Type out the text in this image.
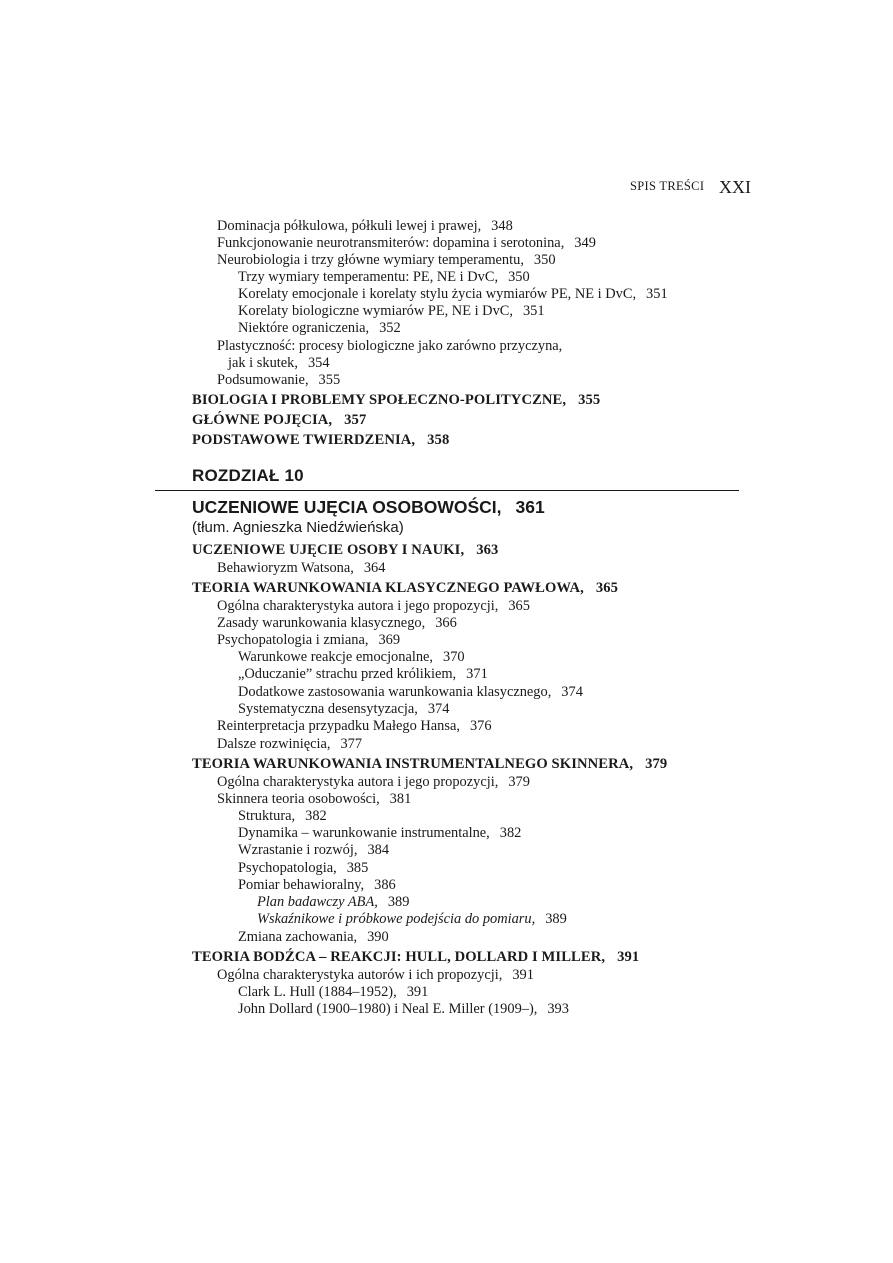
SPIS TREŚCI XXI
Dominacja półkulowa, półkuli lewej i prawej, 348
Funkcjonowanie neurotransmiterów: dopamina i serotonina, 349
Neurobiologia i trzy główne wymiary temperamentu, 350
Trzy wymiary temperamentu: PE, NE i DvC, 350
Korelaty emocjonale i korelaty stylu życia wymiarów PE, NE i DvC, 351
Korelaty biologiczne wymiarów PE, NE i DvC, 351
Niektóre ograniczenia, 352
Plastyczność: procesy biologiczne jako zarówno przyczyna,
jak i skutek, 354
Podsumowanie, 355
BIOLOGIA I PROBLEMY SPOŁECZNO-POLITYCZNE, 355
GŁÓWNE POJĘCIA, 357
PODSTAWOWE TWIERDZENIA, 358
ROZDZIAŁ 10
UCZENIOWE UJĘCIA OSOBOWOŚCI, 361
(tłum. Agnieszka Niedźwieńska)
UCZENIOWE UJĘCIE OSOBY I NAUKI, 363
Behawioryzm Watsona, 364
TEORIA WARUNKOWANIA KLASYCZNEGO PAWŁOWA, 365
Ogólna charakterystyka autora i jego propozycji, 365
Zasady warunkowania klasycznego, 366
Psychopatologia i zmiana, 369
Warunkowe reakcje emocjonalne, 370
„Oduczanie” strachu przed królikiem, 371
Dodatkowe zastosowania warunkowania klasycznego, 374
Systematyczna desensytyzacja, 374
Reinterpretacja przypadku Małego Hansa, 376
Dalsze rozwinięcia, 377
TEORIA WARUNKOWANIA INSTRUMENTALNEGO SKINNERA, 379
Ogólna charakterystyka autora i jego propozycji, 379
Skinnera teoria osobowości, 381
Struktura, 382
Dynamika – warunkowanie instrumentalne, 382
Wzrastanie i rozwój, 384
Psychopatologia, 385
Pomiar behawioralny, 386
Plan badawczy ABA, 389
Wskaźnikowe i próbkowe podejścia do pomiaru, 389
Zmiana zachowania, 390
TEORIA BODŹCA – REAKCJI: HULL, DOLLARD I MILLER, 391
Ogólna charakterystyka autorów i ich propozycji, 391
Clark L. Hull (1884–1952), 391
John Dollard (1900–1980) i Neal E. Miller (1909–), 393
